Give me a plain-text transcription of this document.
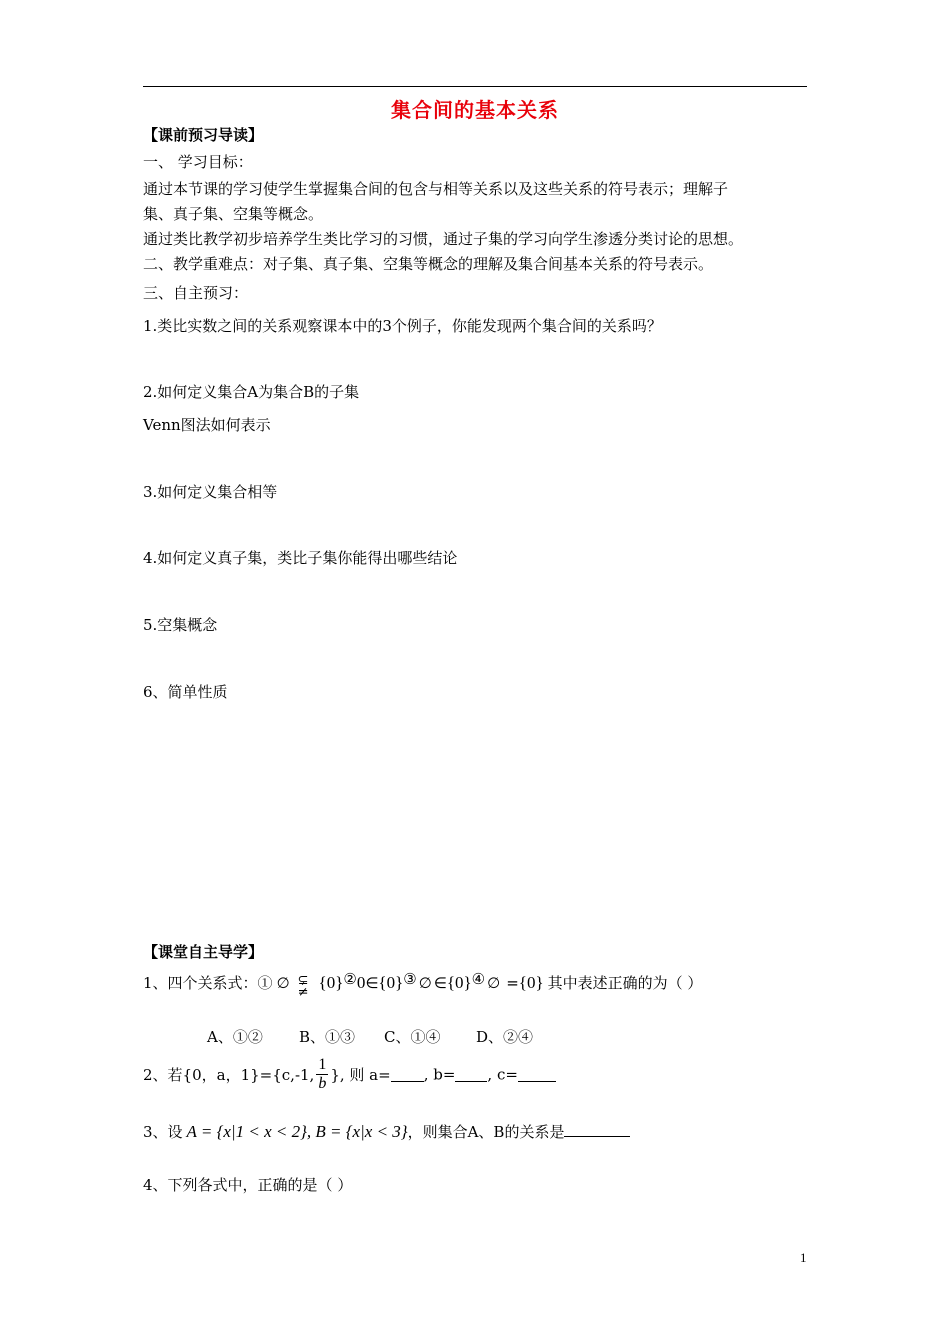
集合间的基本关系
【课前预习导读】
一、 学习目标：
通过本节课的学习使学生掌握集合间的包含与相等关系以及这些关系的符号表示；理解子
集、真子集、空集等概念。
通过类比教学初步培养学生类比学习的习惯，通过子集的学习向学生渗透分类讨论的思想。
二、教学重难点：对子集、真子集、空集等概念的理解及集合间基本关系的符号表示。
三、自主预习：
1.类比实数之间的关系观察课本中的3个例子，你能发现两个集合间的关系吗？
2.如何定义集合A为集合B的子集
Venn图法如何表示
3.如何定义集合相等
4.如何定义真子集，类比子集你能得出哪些结论
5.空集概念
6、简单性质
【课堂自主导学】
1、四个关系式：① ∅ ⊊
≠
{0}②0∈{0}③ ∅ ∈{0}④ ∅ ={0} 其中表述正确的为（ ）
A、①② B、①③ C、①④ D、②④
2、若{0，a，1}={c,-1, $\frac{1}{b}$ }, 则 a= , b= , c=
3、设 A = {x|1 < x < 2}, B = {x|x < 3}，则集合A、B的关系是
4、下列各式中，正确的是（ ）
1
